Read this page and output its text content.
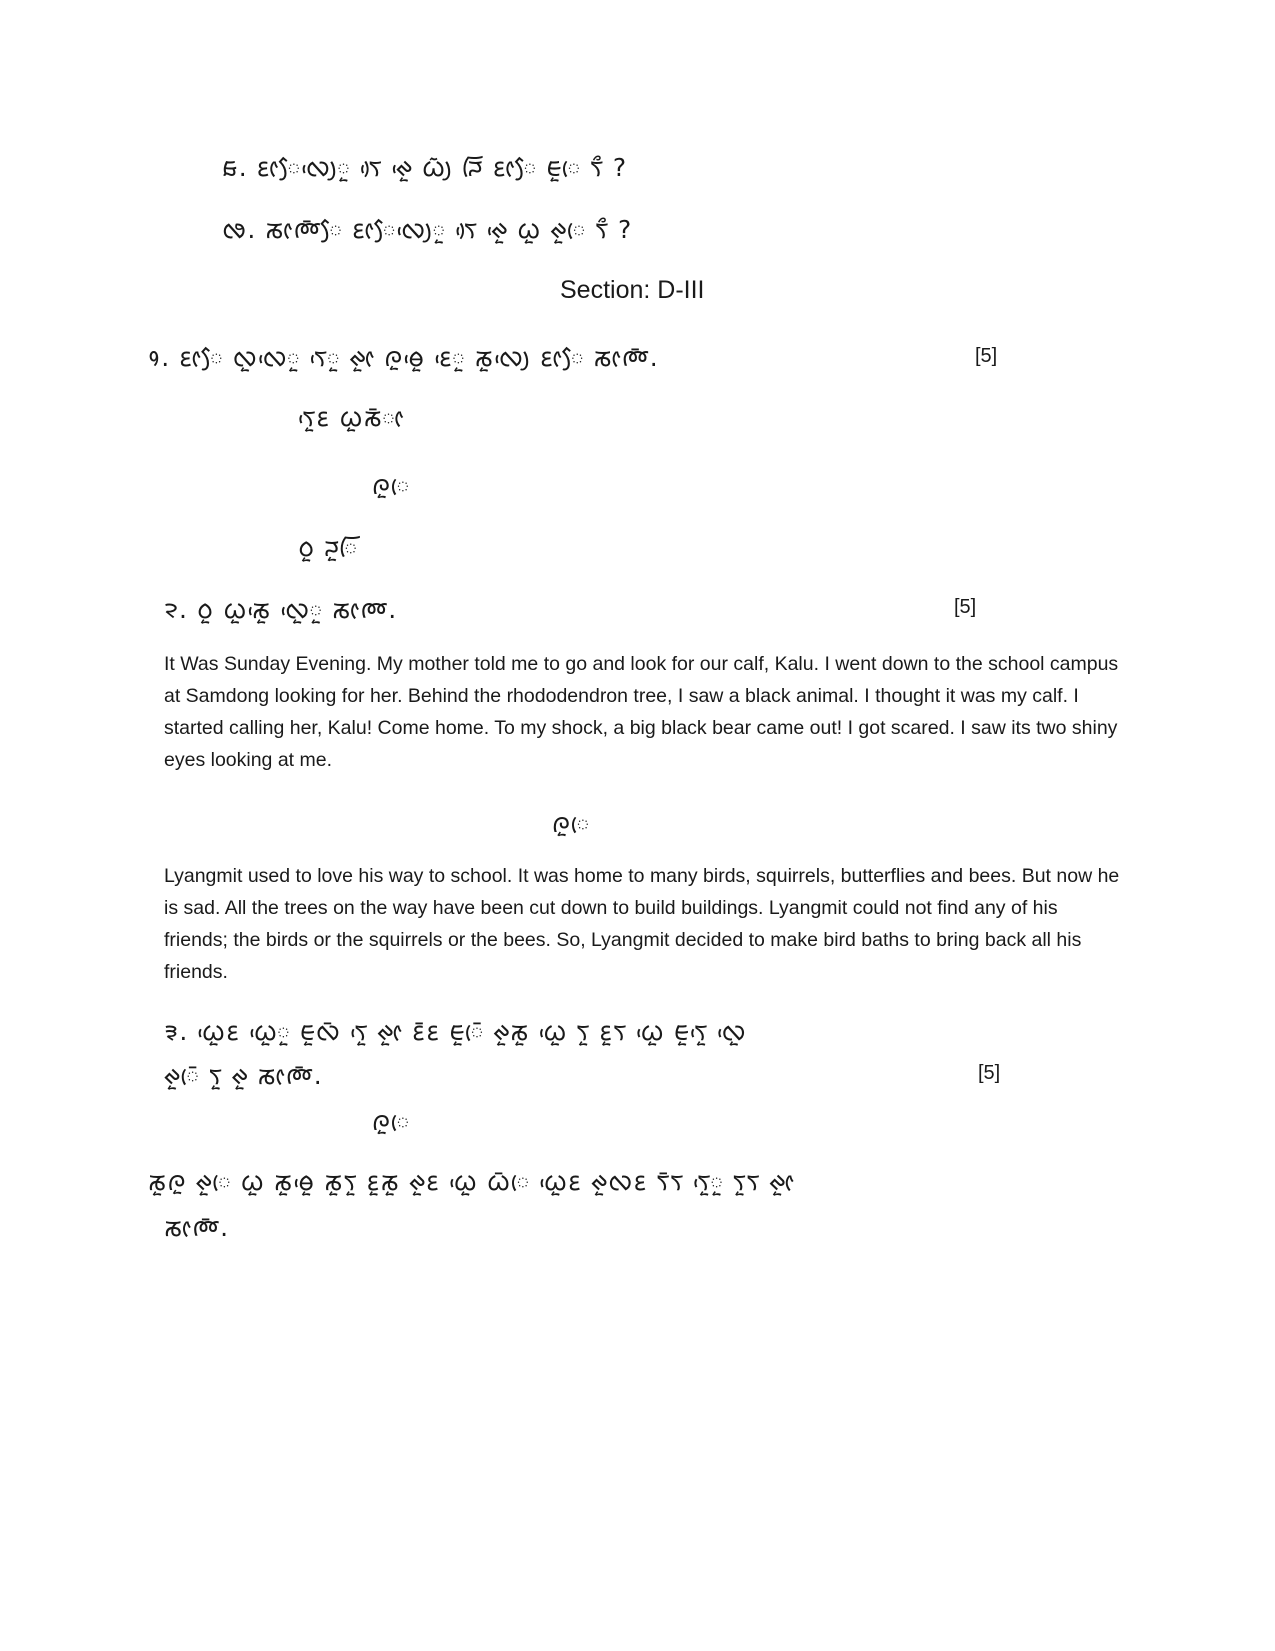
ᰑ. ᰚᰦᰧᰜᰪᰵᰬ ᰛᰴ ᰊᰬᰵ ᰃᰪᰶ ᰎᰩ ᰚᰦᰧ ᰀᰬᰨ ᰛᰰ ?
ᰒ. ᰕᰦᰢᰳᰧ ᰚᰦᰧᰜᰪᰵᰬ ᰛᰴ ᰊᰬᰵ ᰃᰬ ᰊᰬᰨ ᰛᰰ ?
Section: D-III
᱁. ᰚᰦᰧ ᰜᰬᰜᰵᰬ ᰛᰵᰬ ᰊᰬᰦ ᰍᰬᰟᰬᰵ ᰚᰵᰬ ᰕᰬᰜᰪᰵ ᰚᰦᰧ ᰕᰦᰢᰳ.	[5]
ᰛᰬᰵᰚ ᰃᰬᰕᰳᰦ
ᰍᰬᰨ
ᰓᰬ ᰎᰬᰩ
᱂. ᰓᰬ ᰃᰬᰕᰬᰵ ᰜᰬᰵᰬ ᰕᰦᰢ.	[5]
It Was Sunday Evening. My mother told me to go and look for our calf, Kalu. I went down to the school campus at Samdong looking for her. Behind the rhododendron tree, I saw a black animal. I thought it was my calf. I started calling her, Kalu! Come home. To my shock, a big black bear came out! I got scared. I saw its two shiny eyes looking at me.
ᰍᰬᰨ
Lyangmit used to love his way to school. It was home to many birds, squirrels, butterflies and bees. But now he is sad. All the trees on the way have been cut down to build buildings. Lyangmit could not find any of his friends; the birds or the squirrels or the bees. So, Lyangmit decided to make bird baths to bring back all his friends.
᱃. ᰃᰬᰵᰚ ᰃᰬᰵᰬ ᰀᰬᰜᰳ ᰛᰬᰵ ᰊᰬᰦ ᰚᰳᰚ ᰀᰬᰨᰳ ᰊᰬᰕᰬ ᰃᰬᰵ ᰛᰬ ᰚᰬᰛ ᰃᰬᰵ ᰀᰬᰛᰬᰵ ᰜᰬᰵ
ᰊᰬᰨᰳ ᰛᰬ ᰊᰬ ᰕᰦᰢᰳ.	[5]
ᰍᰬᰨ
ᰕᰬᰍᰬ ᰊᰬᰨ ᰃᰬ ᰕᰬᰟᰬᰵ ᰕᰬᰛᰬ ᰚᰬᰕᰬ ᰊᰬᰚ ᰃᰬᰵ ᰃᰳᰨ ᰃᰬᰵᰚ ᰊᰬᰜᰚ ᰛᰳᰛ ᰛᰬᰵᰬ ᰛᰬᰛ ᰊᰬᰦ
ᰕᰦᰢᰳ.
